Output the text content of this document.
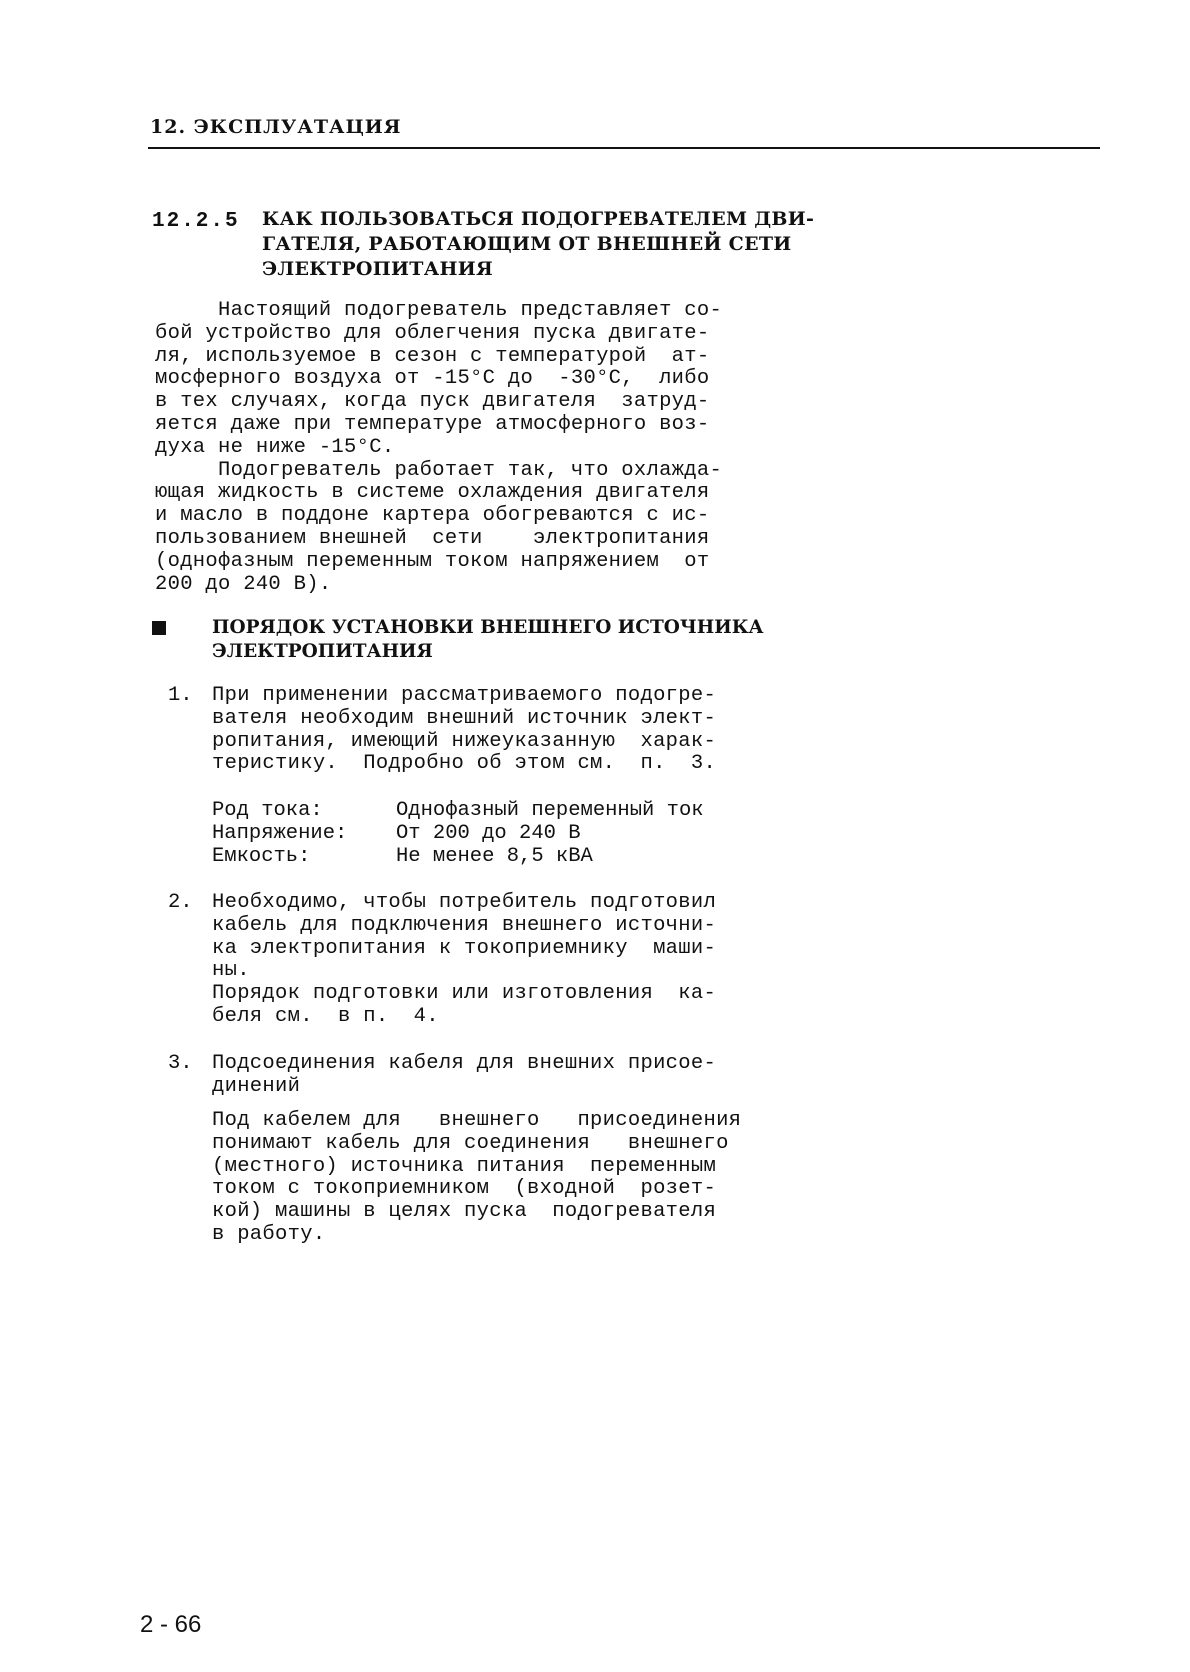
12. ЭКСПЛУАТАЦИЯ
12.2.5 КАК ПОЛЬЗОВАТЬСЯ ПОДОГРЕВАТЕЛЕМ ДВИ-
ГАТЕЛЯ, РАБОТАЮЩИМ ОТ ВНЕШНЕЙ СЕТИ
ЭЛЕКТРОПИТАНИЯ
Настоящий подогреватель представляет со-
бой устройство для облегчения пуска двигате-
ля, используемое в сезон с температурой  ат-
мосферного воздуха от -15°C до  -30°C,  либо
в тех случаях, когда пуск двигателя  затруд-
яется даже при температуре атмосферного воз-
духа не ниже -15°C.
Подогреватель работает так, что охлажда-
ющая жидкость в системе охлаждения двигателя
и масло в поддоне картера обогреваются с ис-
пользованием внешней  сети    электропитания
(однофазным переменным током напряжением  от
200 до 240 В).
ПОРЯДОК УСТАНОВКИ ВНЕШНЕГО ИСТОЧНИКА
ЭЛЕКТРОПИТАНИЯ
1. При применении рассматриваемого подогре-
вателя необходим внешний источник элект-
ропитания, имеющий нижеуказанную  харак-
теристику.  Подробно об этом см.  п.  3.
Род тока:	Однофазный переменный ток
Напряжение:	От 200 до 240 В
Емкость:	Не менее 8,5 кВА
2. Необходимо, чтобы потребитель подготовил
кабель для подключения внешнего источни-
ка электропитания к токоприемнику  маши-
ны.
Порядок подготовки или изготовления  ка-
беля см.  в п.  4.
3. Подсоединения кабеля для внешних присое-
динений
Под кабелем для   внешнего   присоединения
понимают кабель для соединения   внешнего
(местного) источника питания  переменным
током с токоприемником  (входной  розет-
кой) машины в целях пуска  подогревателя
в работу.
2 - 66
